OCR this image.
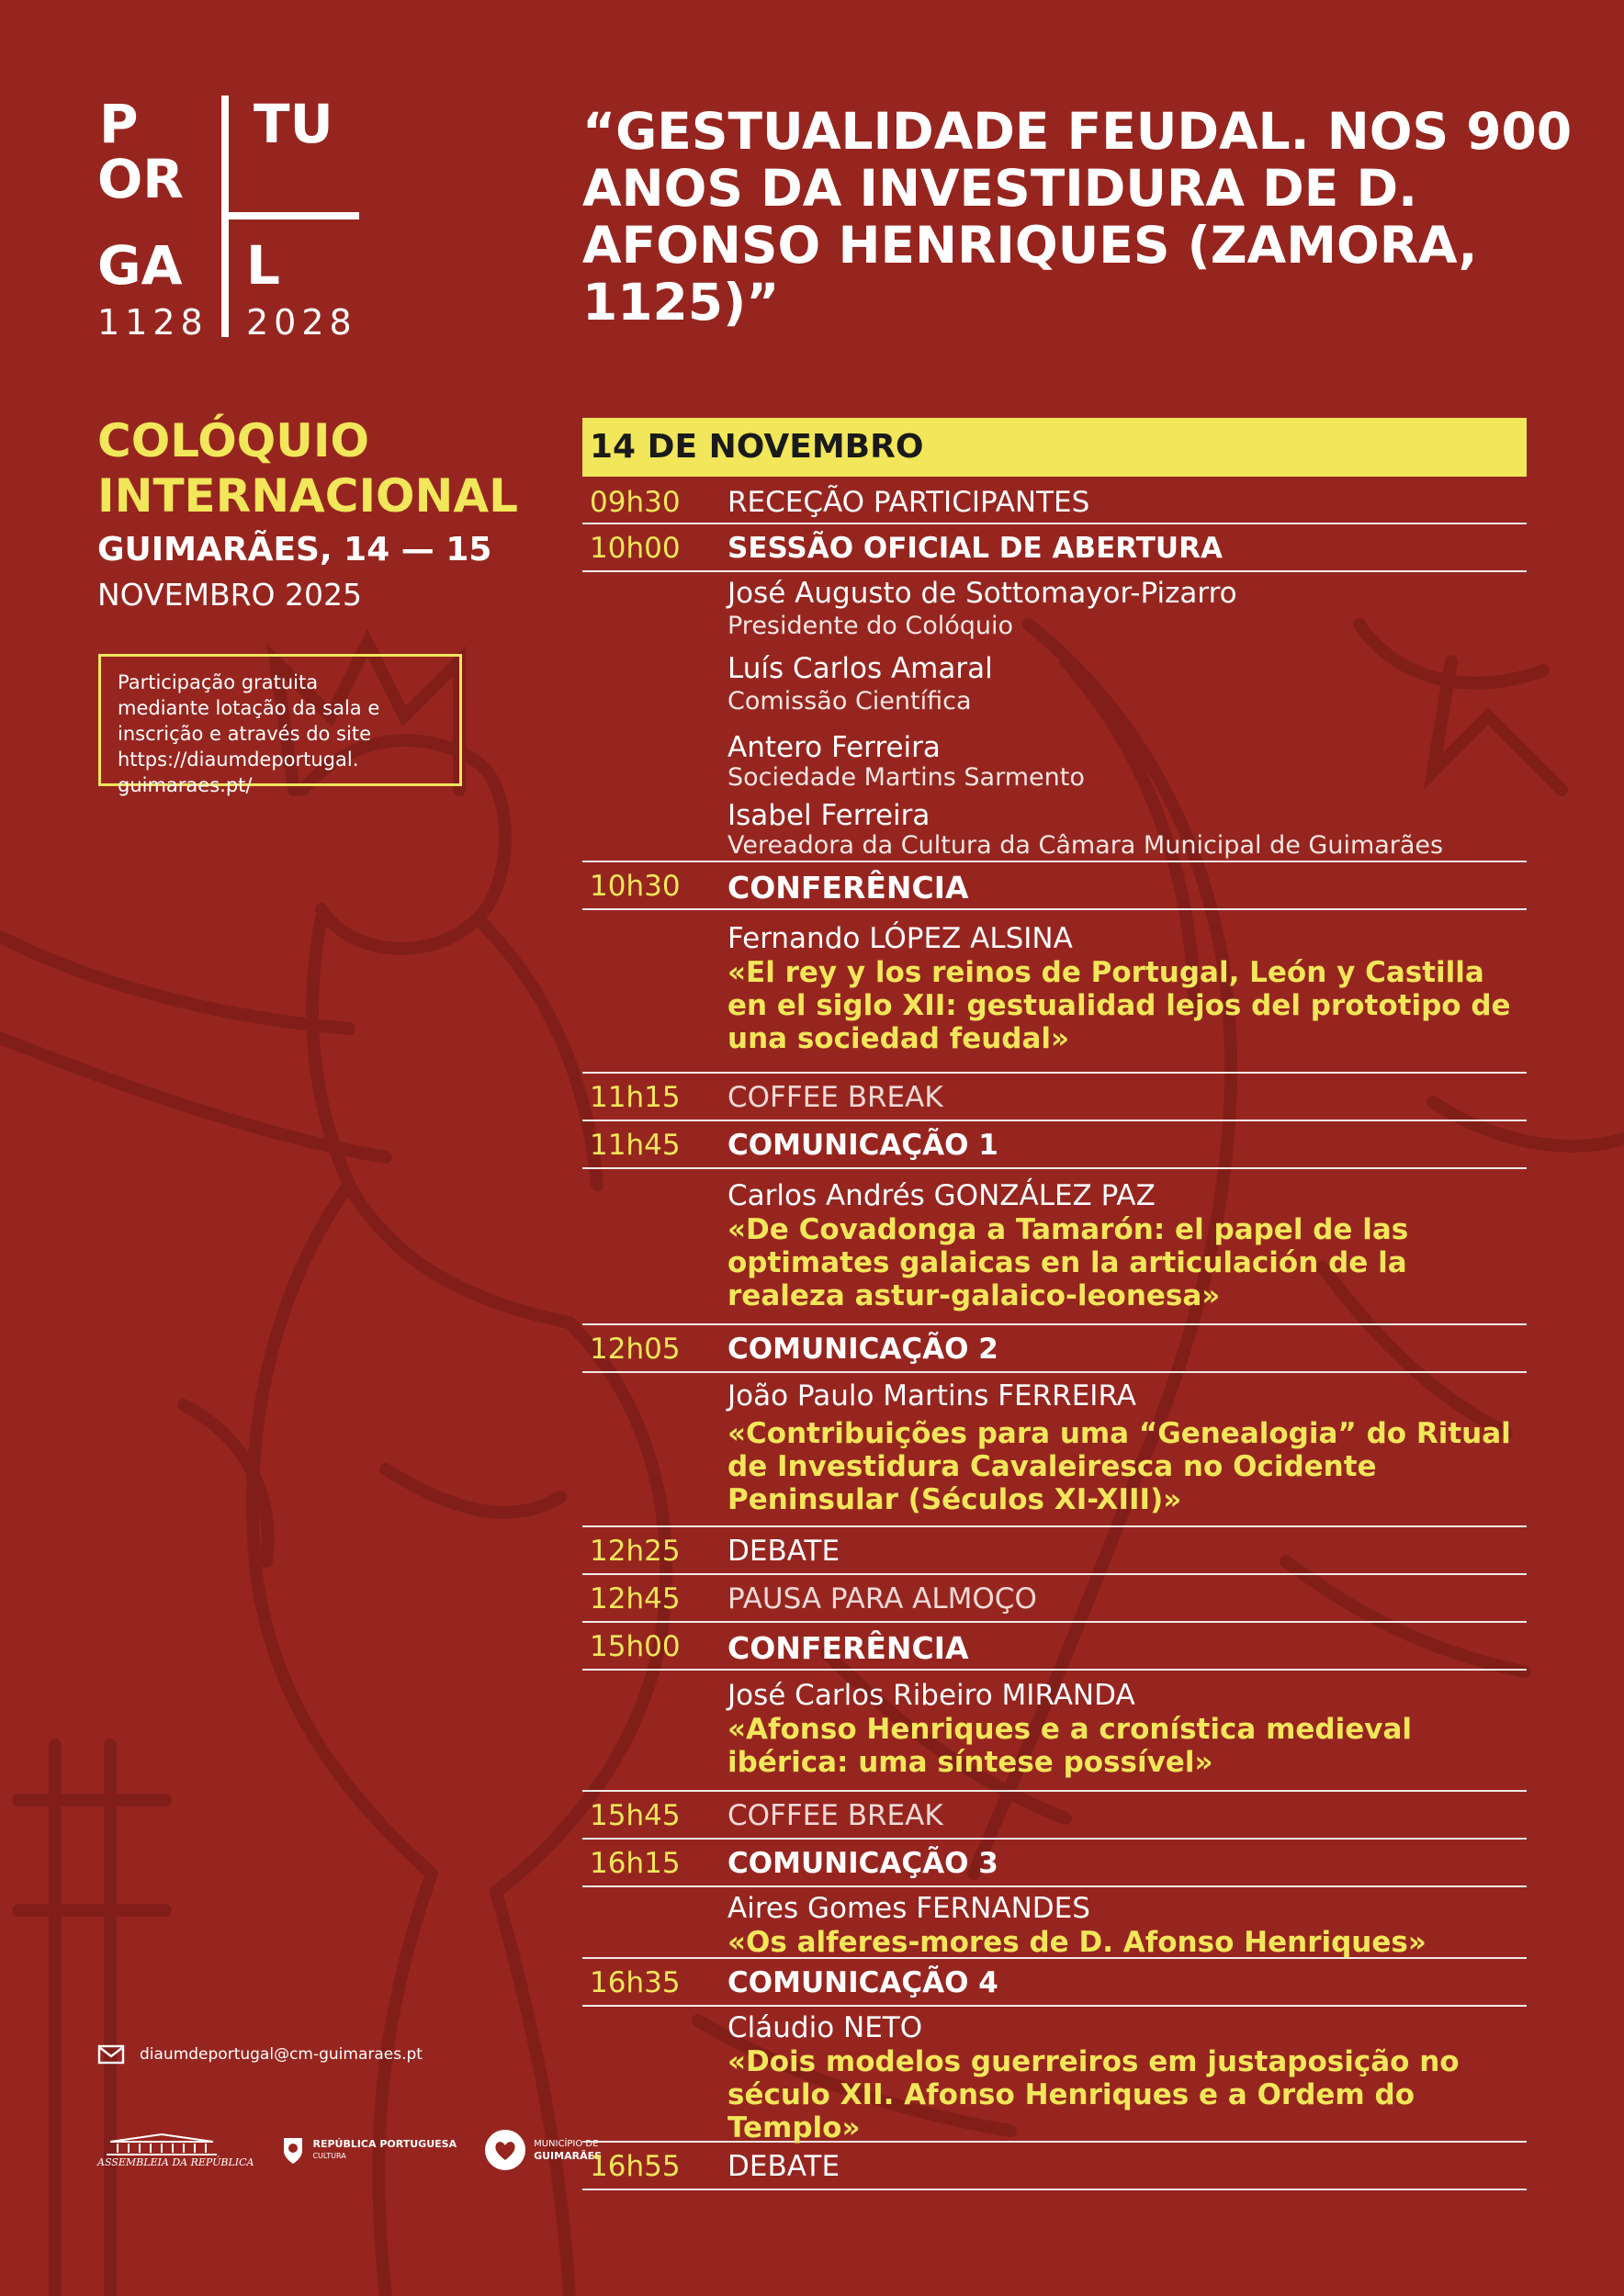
P TU
OR
GA L
1128 2028
“GESTUALIDADE FEUDAL. NOS 900 ANOS DA INVESTIDURA DE D. AFONSO HENRIQUES (ZAMORA, 1125)”
COLÓQUIO
INTERNACIONAL
GUIMARÃES, 14 — 15
NOVEMBRO 2025
Participação gratuita
mediante lotação da sala e
inscrição e através do site
https://diaumdeportugal.
guimaraes.pt/
diaumdeportugal@cm-guimaraes.pt
ASSEMBLEIA DA REPÚBLICA
REPÚBLICA PORTUGUESA
CULTURA
MUNICÍPIO DE
GUIMARÃES
14 DE NOVEMBRO
09h30	RECEÇÃO PARTICIPANTES
10h00	SESSÃO OFICIAL DE ABERTURA
José Augusto de Sottomayor-Pizarro
Presidente do Colóquio
Luís Carlos Amaral
Comissão Científica
Antero Ferreira
Sociedade Martins Sarmento
Isabel Ferreira
Vereadora da Cultura da Câmara Municipal de Guimarães
10h30	CONFERÊNCIA
Fernando LÓPEZ ALSINA
«El rey y los reinos de Portugal, León y Castilla en el siglo XII: gestualidad lejos del prototipo de una sociedad feudal»
11h15	COFFEE BREAK
11h45	COMUNICAÇÃO 1
Carlos Andrés GONZÁLEZ PAZ
«De Covadonga a Tamarón: el papel de las optimates galaicas en la articulación de la realeza astur-galaico-leonesa»
12h05	COMUNICAÇÃO 2
João Paulo Martins FERREIRA
«Contribuições para uma “Genealogia” do Ritual de Investidura Cavaleiresca no Ocidente Peninsular (Séculos XI-XIII)»
12h25	DEBATE
12h45	PAUSA PARA ALMOÇO
15h00	CONFERÊNCIA
José Carlos Ribeiro MIRANDA
«Afonso Henriques e a cronística medieval ibérica: uma síntese possível»
15h45	COFFEE BREAK
16h15	COMUNICAÇÃO 3
Aires Gomes FERNANDES
«Os alferes-mores de D. Afonso Henriques»
16h35	COMUNICAÇÃO 4
Cláudio NETO
«Dois modelos guerreiros em justaposição no século XII. Afonso Henriques e a Ordem do Templo»
16h55	DEBATE
